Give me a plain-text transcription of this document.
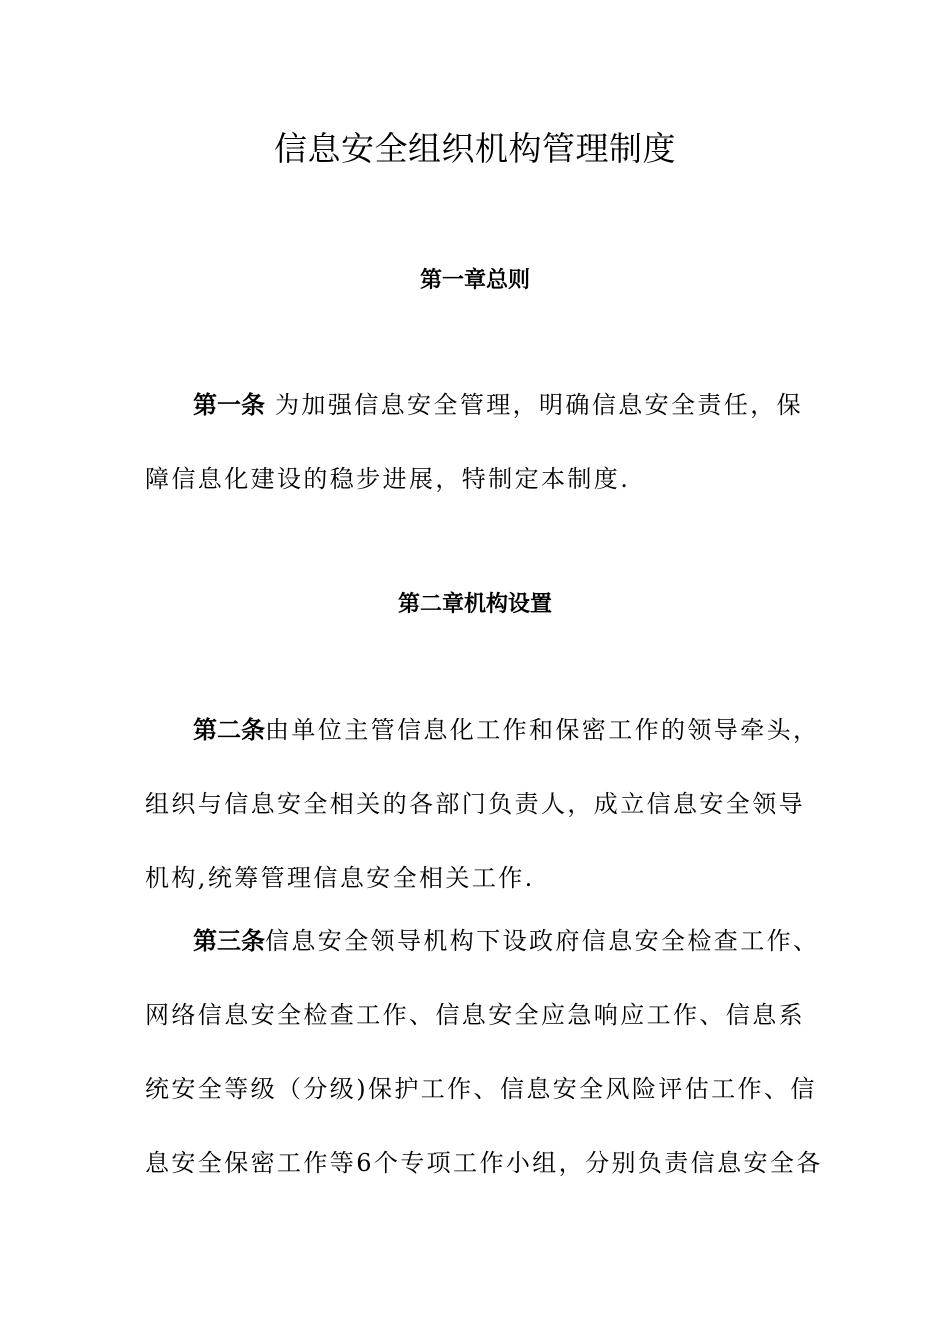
信息安全组织机构管理制度
第一章总则
第一条 为加强信息安全管理，明确信息安全责任，保
障信息化建设的稳步进展，特制定本制度.
第二章机构设置
第二条由单位主管信息化工作和保密工作的领导牵头，
组织与信息安全相关的各部门负责人，成立信息安全领导
机构,统筹管理信息安全相关工作.
第三条信息安全领导机构下设政府信息安全检查工作、
网络信息安全检查工作、信息安全应急响应工作、信息系
统安全等级（分级)保护工作、信息安全风险评估工作、信
息安全保密工作等6个专项工作小组，分别负责信息安全各
